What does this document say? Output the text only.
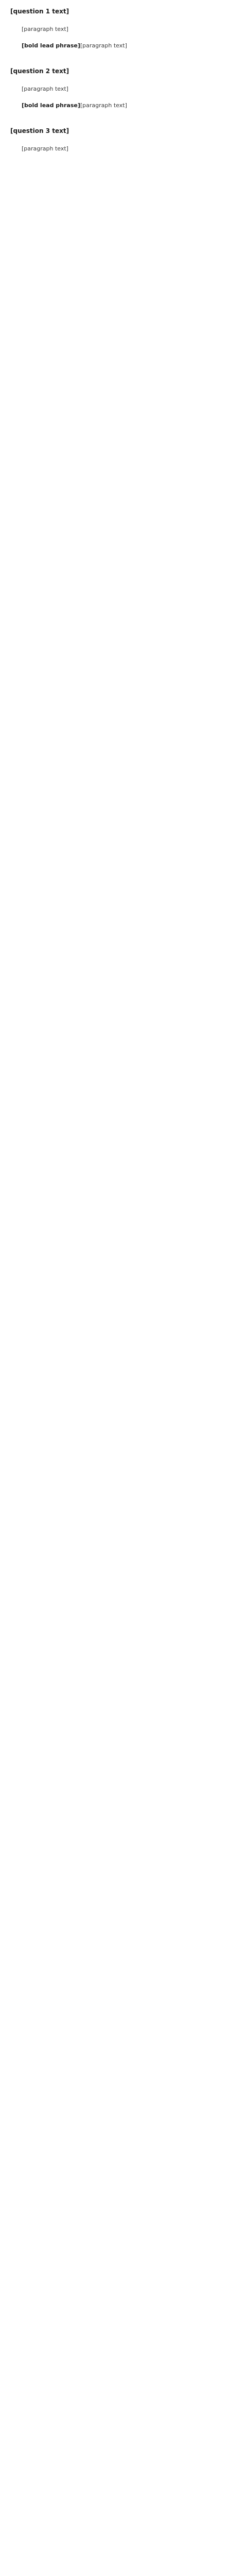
[question 1 text]

[paragraph text]

[bold lead phrase][paragraph text]

[question 2 text]

[paragraph text]

[bold lead phrase][paragraph text]

[question 3 text]

[paragraph text]
